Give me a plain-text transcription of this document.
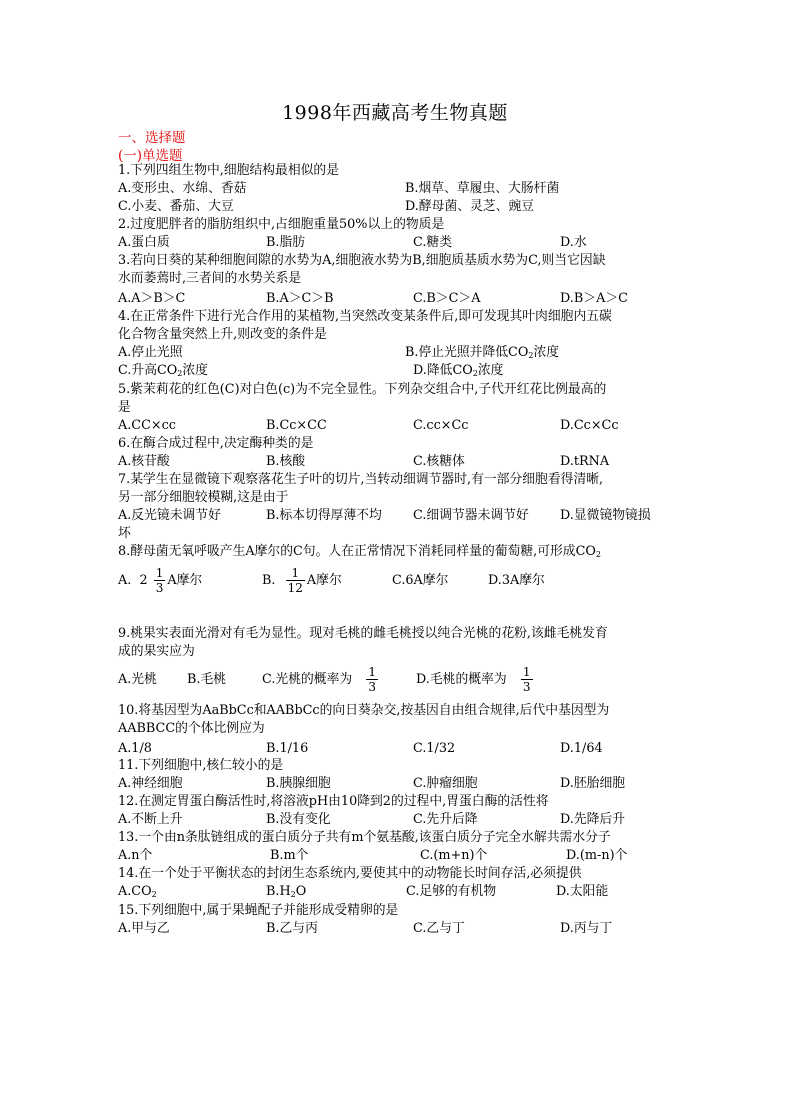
1998年西藏高考生物真题
一、选择题
(一)单选题
1.下列四组生物中,细胞结构最相似的是
A.变形虫、水绵、香菇	B.烟草、草履虫、大肠杆菌
C.小麦、番茄、大豆	D.酵母菌、灵芝、豌豆
2.过度肥胖者的脂肪组织中,占细胞重量50%以上的物质是
A.蛋白质	B.脂肪	C.糖类	D.水
3.若向日葵的某种细胞间隙的水势为A,细胞液水势为B,细胞质基质水势为C,则当它因缺
水而萎蔫时,三者间的水势关系是
A.A＞B＞C	B.A＞C＞B	C.B＞C＞A	D.B＞A＞C
4.在正常条件下进行光合作用的某植物,当突然改变某条件后,即可发现其叶肉细胞内五碳
化合物含量突然上升,则改变的条件是
A.停止光照	B.停止光照并降低$CO_2$浓度
C.升高$CO_2$浓度	D.降低$CO_2$浓度
5.紫茉莉花的红色(C)对白色(c)为不完全显性。下列杂交组合中,子代开红花比例最高的
是
A.CC×cc	B.Cc×CC	C.cc×Cc	D.Cc×Cc
6.在酶合成过程中,决定酶种类的是
A.核苷酸	B.核酸	C.核糖体	D.tRNA
7.某学生在显微镜下观察落花生子叶的切片,当转动细调节器时,有一部分细胞看得清晰,
另一部分细胞较模糊,这是由于
A.反光镜未调节好	B.标本切得厚薄不均 C.细调节器未调节好 D.显微镜物镜损
坏
8.酵母菌无氧呼吸产生A摩尔的C句。人在正常情况下消耗同样量的葡萄糖,可形成$CO_2$
A. $2 \frac{1}{3}$ A摩尔	B. $\frac{1}{12}$ A摩尔	C.6A摩尔	D.3A摩尔
9.桃果实表面光滑对有毛为显性。现对毛桃的雌毛桃授以纯合光桃的花粉,该雌毛桃发育
成的果实应为
A.光桃 B.毛桃	C.光桃的概率为 $\frac{1}{3}$	D.毛桃的概率为 $\frac{1}{3}$
10.将基因型为AaBbCc和AABbCc的向日葵杂交,按基因自由组合规律,后代中基因型为
AABBCC的个体比例应为
A.1/8	B.1/16	C.1/32	D.1/64
11.下列细胞中,核仁较小的是
A.神经细胞	B.胰腺细胞	C.肿瘤细胞	D.胚胎细胞
12.在测定胃蛋白酶活性时,将溶液pH由10降到2的过程中,胃蛋白酶的活性将
A.不断上升	B.没有变化	C.先升后降	D.先降后升
13.一个由n条肽链组成的蛋白质分子共有m个氨基酸,该蛋白质分子完全水解共需水分子
A.n个	B.m个	C.(m+n)个	D.(m-n)个
14.在一个处于平衡状态的封闭生态系统内,要使其中的动物能长时间存活,必须提供
$A.CO_2$	$B.H_2O$	C.足够的有机物	D.太阳能
15.下列细胞中,属于果蝇配子并能形成受精卵的是
A.甲与乙	B.乙与丙	C.乙与丁	D.丙与丁
